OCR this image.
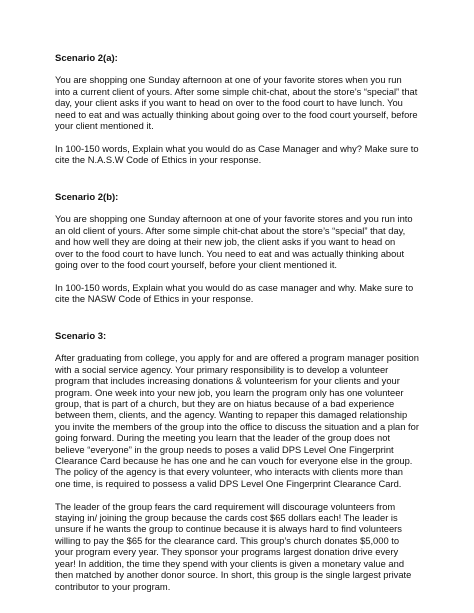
Scenario 2(a):
You are shopping one Sunday afternoon at one of your favorite stores when you run
into a current client of yours. After some simple chit-chat, about the store’s “special” that
day, your client asks if you want to head on over to the food court to have lunch. You
need to eat and was actually thinking about going over to the food court yourself, before
your client mentioned it.
In 100-150 words, Explain what you would do as Case Manager and why? Make sure to
cite the N.A.S.W Code of Ethics in your response.
Scenario 2(b):
You are shopping one Sunday afternoon at one of your favorite stores and you run into
an old client of yours. After some simple chit-chat about the store’s “special” that day,
and how well they are doing at their new job, the client asks if you want to head on
over to the food court to have lunch. You need to eat and was actually thinking about
going over to the food court yourself, before your client mentioned it.
In 100-150 words, Explain what you would do as case manager and why. Make sure to
cite the NASW Code of Ethics in your response.
Scenario 3:
After graduating from college, you apply for and are offered a program manager position
with a social service agency. Your primary responsibility is to develop a volunteer
program that includes increasing donations & volunteerism for your clients and your
program. One week into your new job, you learn the program only has one volunteer
group, that is part of a church, but they are on hiatus because of a bad experience
between them, clients, and the agency. Wanting to repaper this damaged relationship
you invite the members of the group into the office to discuss the situation and a plan for
going forward. During the meeting you learn that the leader of the group does not
believe “everyone” in the group needs to poses a valid DPS Level One Fingerprint
Clearance Card because he has one and he can vouch for everyone else in the group.
The policy of the agency is that every volunteer, who interacts with clients more than
one time, is required to possess a valid DPS Level One Fingerprint Clearance Card.
The leader of the group fears the card requirement will discourage volunteers from
staying in/ joining the group because the cards cost $65 dollars each! The leader is
unsure if he wants the group to continue because it is always hard to find volunteers
willing to pay the $65 for the clearance card. This group’s church donates $5,000 to
your program every year. They sponsor your programs largest donation drive every
year! In addition, the time they spend with your clients is given a monetary value and
then matched by another donor source. In short, this group is the single largest private
contributor to your program.
